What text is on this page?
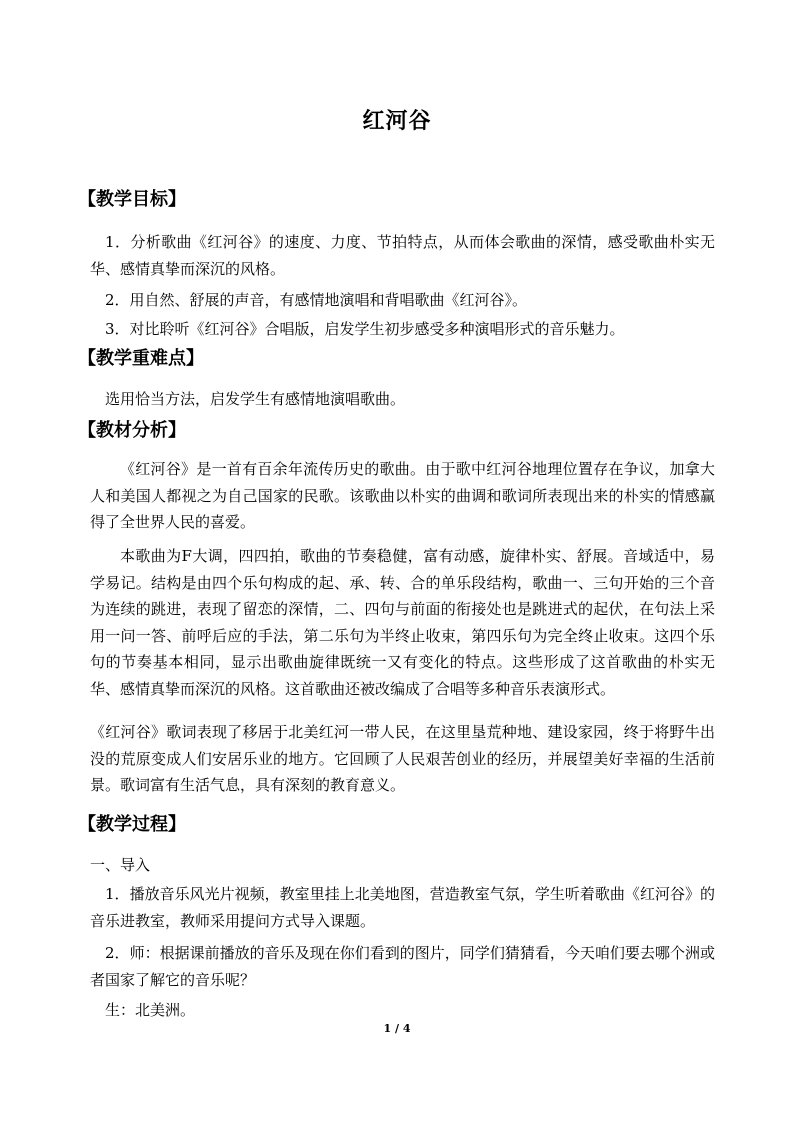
红河谷
【教学目标】
1．分析歌曲《红河谷》的速度、力度、节拍特点，从而体会歌曲的深情，感受歌曲朴实无华、感情真挚而深沉的风格。
2．用自然、舒展的声音，有感情地演唱和背唱歌曲《红河谷》。
3．对比聆听《红河谷》合唱版，启发学生初步感受多种演唱形式的音乐魅力。
【教学重难点】
选用恰当方法，启发学生有感情地演唱歌曲。
【教材分析】
《红河谷》是一首有百余年流传历史的歌曲。由于歌中红河谷地理位置存在争议，加拿大人和美国人都视之为自己国家的民歌。该歌曲以朴实的曲调和歌词所表现出来的朴实的情感赢得了全世界人民的喜爱。
本歌曲为F大调，四四拍，歌曲的节奏稳健，富有动感，旋律朴实、舒展。音域适中，易学易记。结构是由四个乐句构成的起、承、转、合的单乐段结构，歌曲一、三句开始的三个音为连续的跳进，表现了留恋的深情，二、四句与前面的衔接处也是跳进式的起伏，在句法上采用一问一答、前呼后应的手法，第二乐句为半终止收束，第四乐句为完全终止收束。这四个乐句的节奏基本相同，显示出歌曲旋律既统一又有变化的特点。这些形成了这首歌曲的朴实无华、感情真挚而深沉的风格。这首歌曲还被改编成了合唱等多种音乐表演形式。
《红河谷》歌词表现了移居于北美红河一带人民，在这里垦荒种地、建设家园，终于将野牛出没的荒原变成人们安居乐业的地方。它回顾了人民艰苦创业的经历，并展望美好幸福的生活前景。歌词富有生活气息，具有深刻的教育意义。
【教学过程】
一、导入
1．播放音乐风光片视频，教室里挂上北美地图，营造教室气氛，学生听着歌曲《红河谷》的音乐进教室，教师采用提问方式导入课题。
2．师：根据课前播放的音乐及现在你们看到的图片，同学们猜猜看，今天咱们要去哪个洲或者国家了解它的音乐呢？
生：北美洲。
1 / 4
